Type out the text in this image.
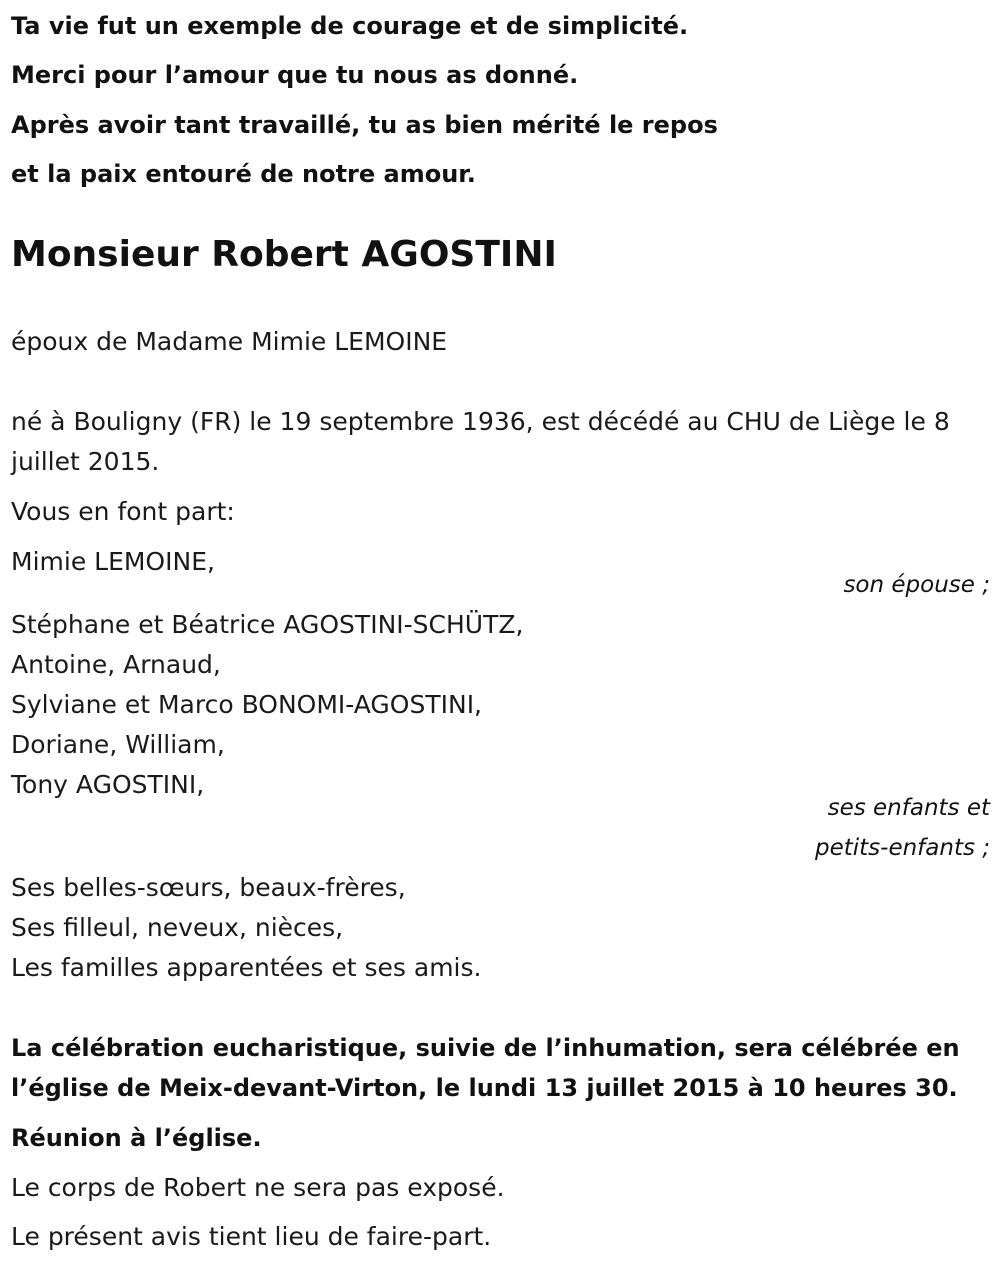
Ta vie fut un exemple de courage et de simplicité.
Merci pour l’amour que tu nous as donné.
Après avoir tant travaillé, tu as bien mérité le repos
et la paix entouré de notre amour.
Monsieur Robert AGOSTINI
époux de Madame Mimie LEMOINE
né à Bouligny (FR) le 19 septembre 1936, est décédé au CHU de Liège le 8
juillet 2015.
Vous en font part:
Mimie LEMOINE,
son épouse ;
Stéphane et Béatrice AGOSTINI-SCHÜTZ,
Antoine, Arnaud,
Sylviane et Marco BONOMI-AGOSTINI,
Doriane, William,
Tony AGOSTINI,
ses enfants et
petits-enfants ;
Ses belles-sœurs, beaux-frères,
Ses filleul, neveux, nièces,
Les familles apparentées et ses amis.
La célébration eucharistique, suivie de l’inhumation, sera célébrée en
l’église de Meix-devant-Virton, le lundi 13 juillet 2015 à 10 heures 30.
Réunion à l’église.
Le corps de Robert ne sera pas exposé.
Le présent avis tient lieu de faire-part.
